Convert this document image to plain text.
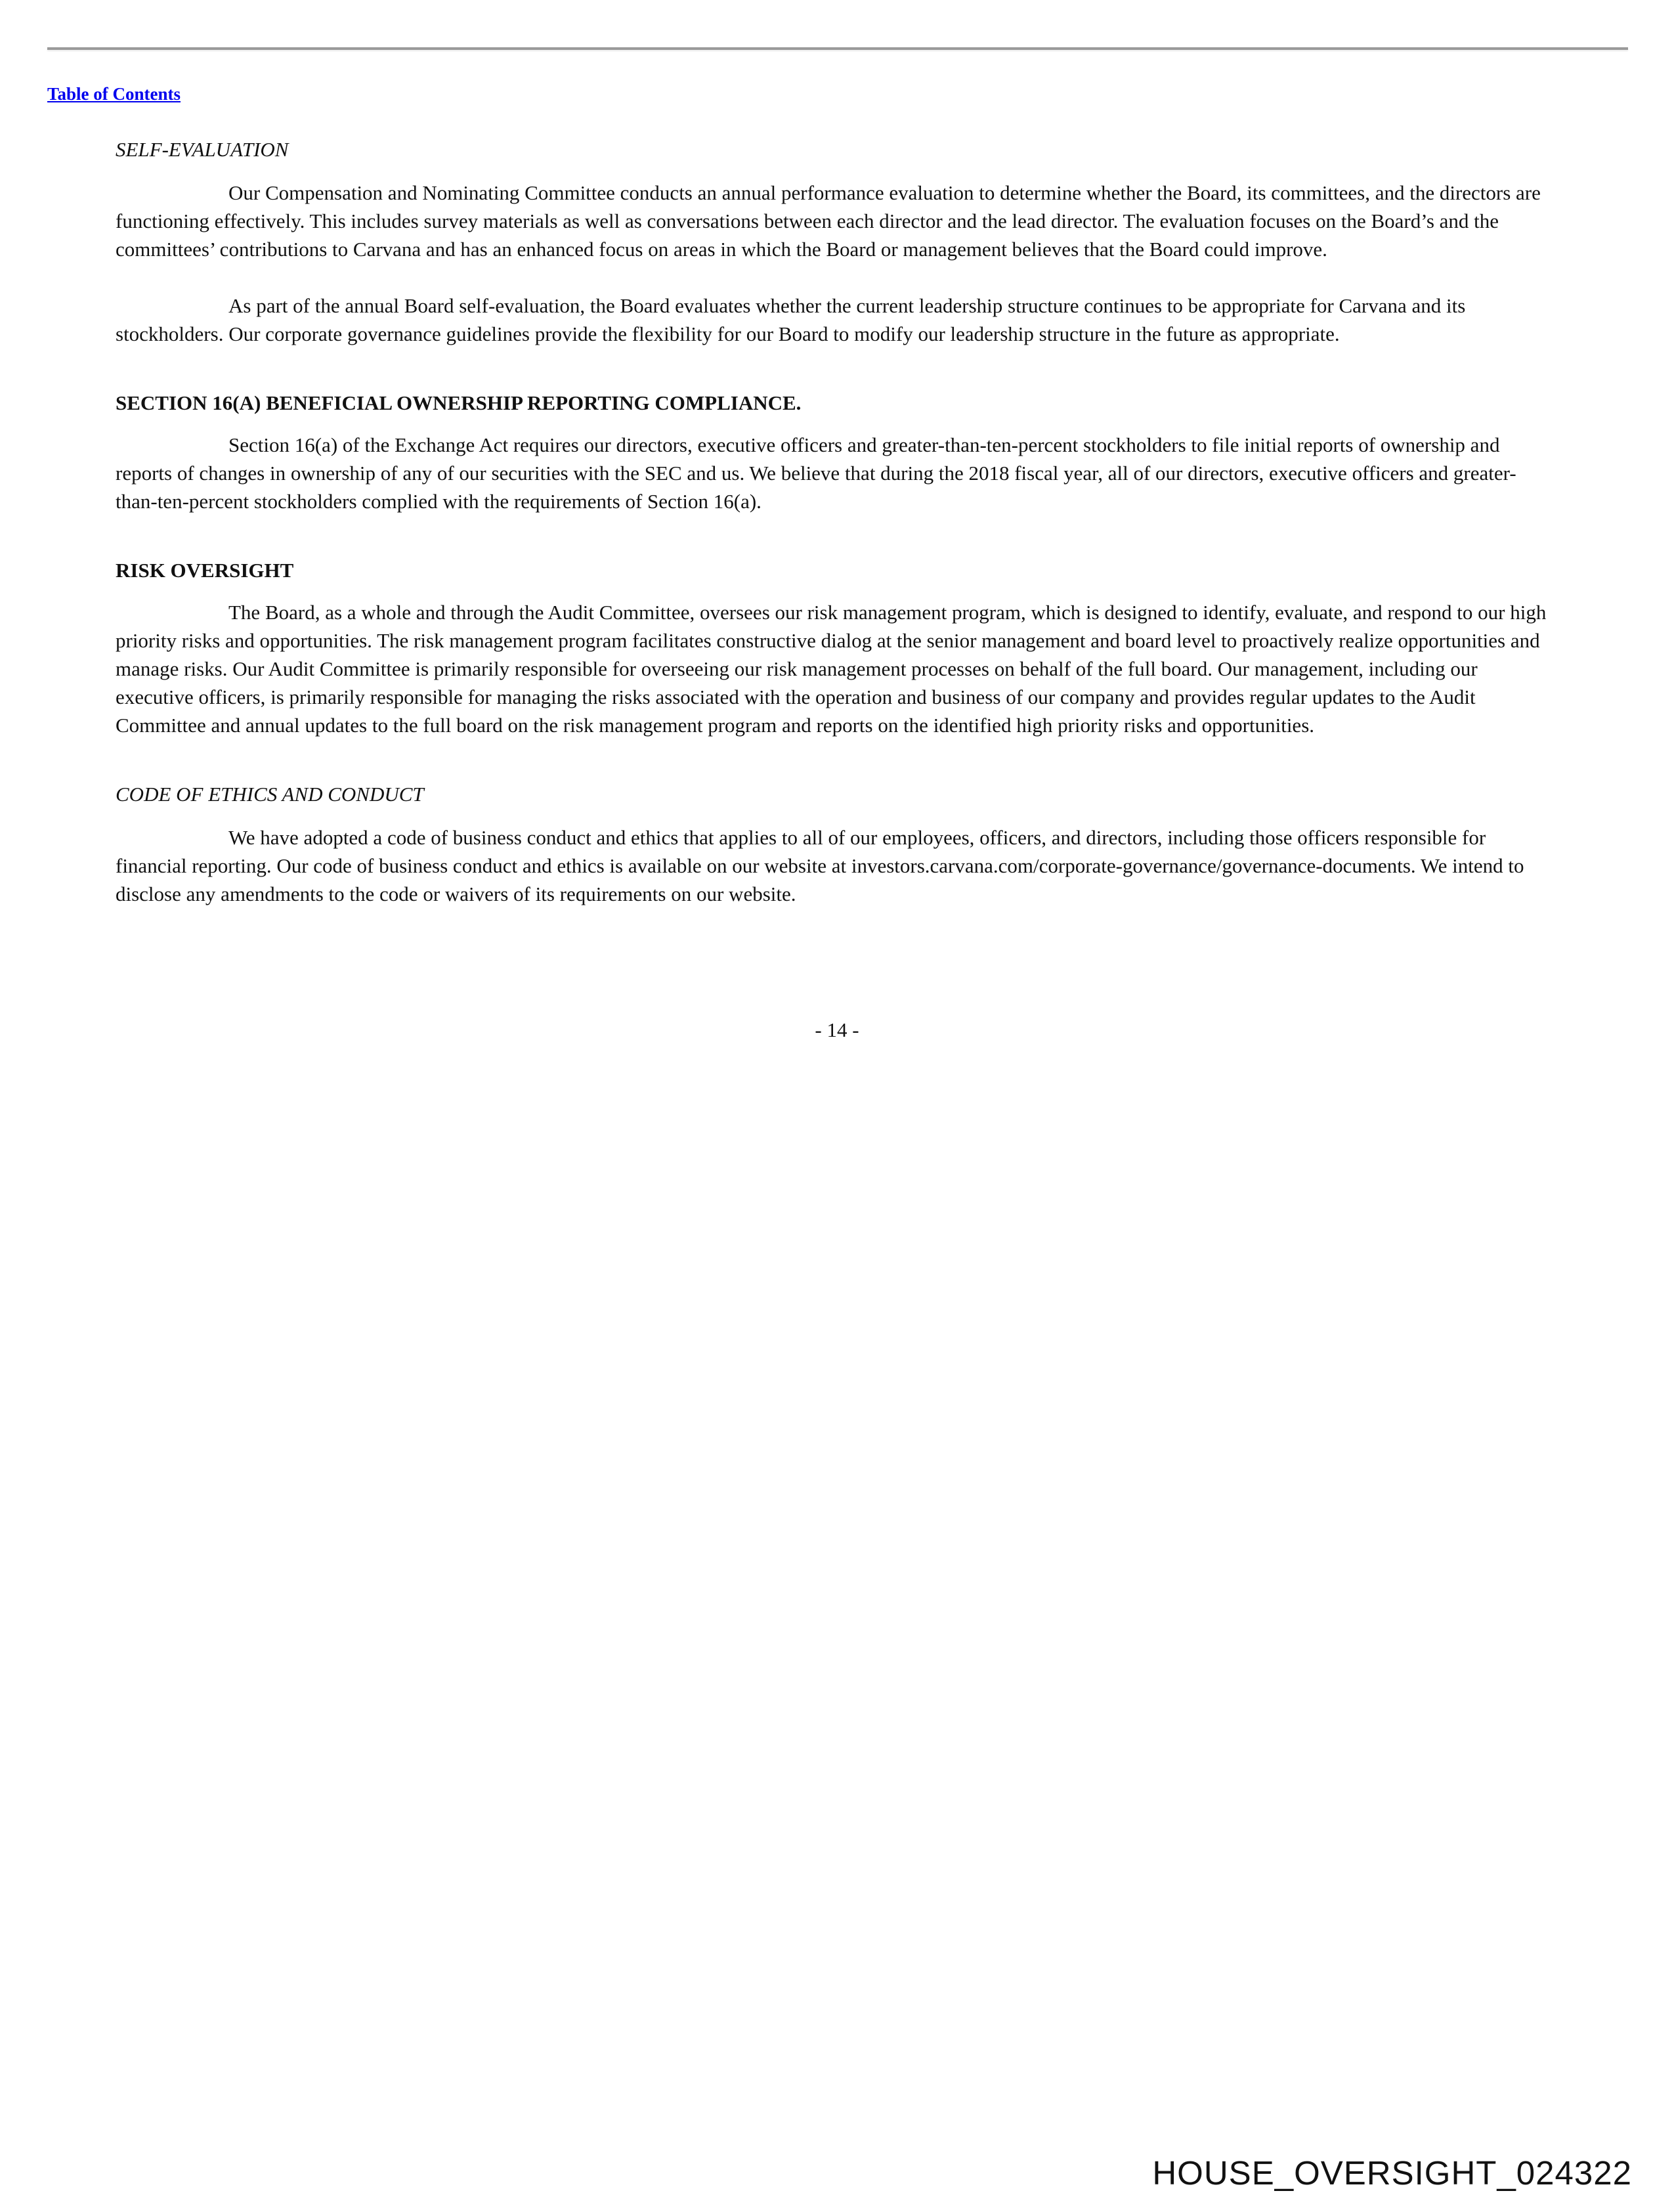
Table of Contents
SELF-EVALUATION

Our Compensation and Nominating Committee conducts an annual performance evaluation to determine whether the Board, its committees, and the directors are functioning effectively. This includes survey materials as well as conversations between each director and the lead director. The evaluation focuses on the Board’s and the committees’ contributions to Carvana and has an enhanced focus on areas in which the Board or management believes that the Board could improve.

As part of the annual Board self-evaluation, the Board evaluates whether the current leadership structure continues to be appropriate for Carvana and its stockholders. Our corporate governance guidelines provide the flexibility for our Board to modify our leadership structure in the future as appropriate.

SECTION 16(A) BENEFICIAL OWNERSHIP REPORTING COMPLIANCE.

Section 16(a) of the Exchange Act requires our directors, executive officers and greater-than-ten-percent stockholders to file initial reports of ownership and reports of changes in ownership of any of our securities with the SEC and us. We believe that during the 2018 fiscal year, all of our directors, executive officers and greater-than-ten-percent stockholders complied with the requirements of Section 16(a).

RISK OVERSIGHT

The Board, as a whole and through the Audit Committee, oversees our risk management program, which is designed to identify, evaluate, and respond to our high priority risks and opportunities. The risk management program facilitates constructive dialog at the senior management and board level to proactively realize opportunities and manage risks. Our Audit Committee is primarily responsible for overseeing our risk management processes on behalf of the full board. Our management, including our executive officers, is primarily responsible for managing the risks associated with the operation and business of our company and provides regular updates to the Audit Committee and annual updates to the full board on the risk management program and reports on the identified high priority risks and opportunities.

CODE OF ETHICS AND CONDUCT

We have adopted a code of business conduct and ethics that applies to all of our employees, officers, and directors, including those officers responsible for financial reporting. Our code of business conduct and ethics is available on our website at investors.carvana.com/corporate-governance/governance-documents. We intend to disclose any amendments to the code or waivers of its requirements on our website.

- 14 -
HOUSE_OVERSIGHT_024322
